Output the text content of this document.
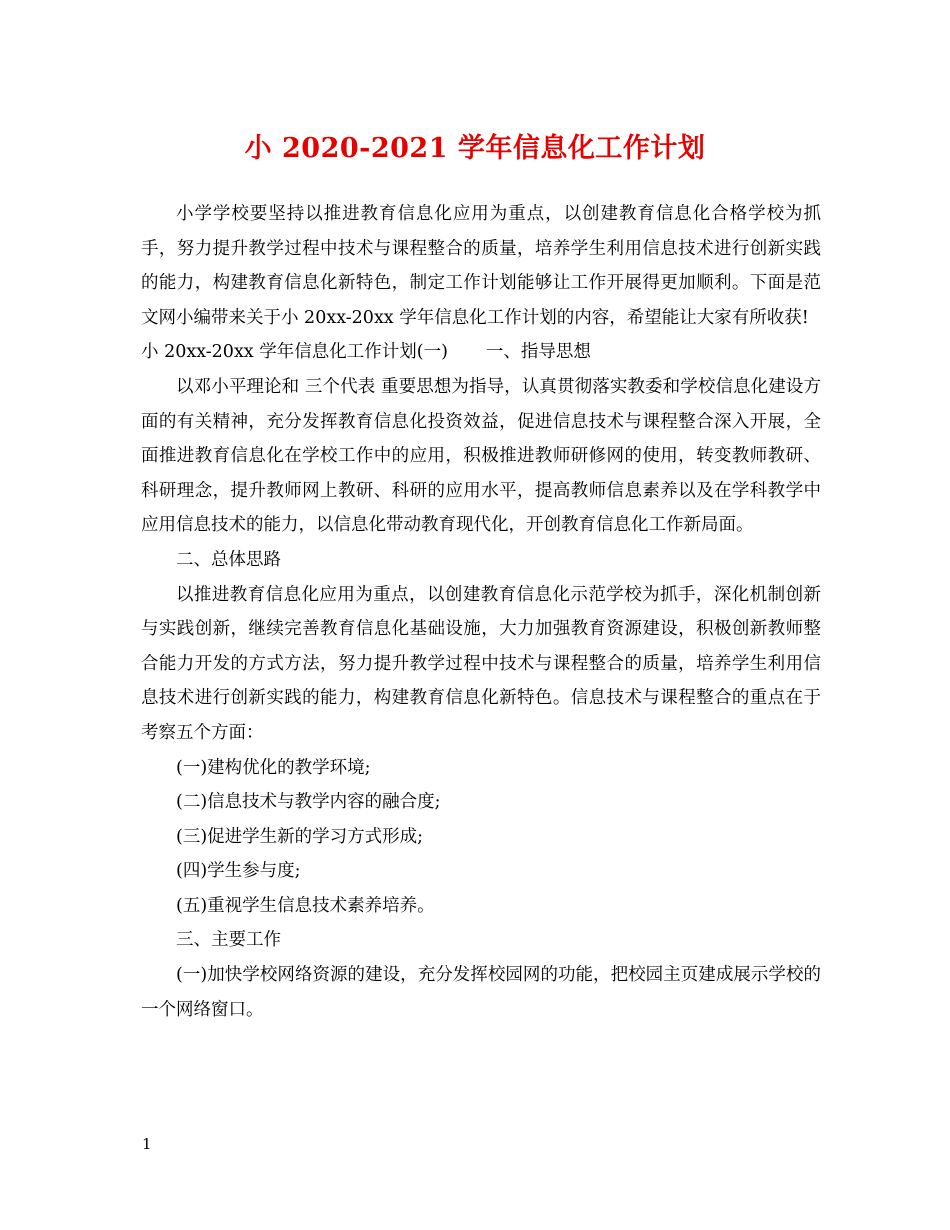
小 2020-2021 学年信息化工作计划

小学学校要坚持以推进教育信息化应用为重点，以创建教育信息化合格学校为抓手，努力提升教学过程中技术与课程整合的质量，培养学生利用信息技术进行创新实践的能力，构建教育信息化新特色，制定工作计划能够让工作开展得更加顺利。下面是范文网小编带来关于小 20xx-20xx 学年信息化工作计划的内容，希望能让大家有所收获!

小 20xx-20xx 学年信息化工作计划(一) 一、指导思想

以邓小平理论和 三个代表 重要思想为指导，认真贯彻落实教委和学校信息化建设方面的有关精神，充分发挥教育信息化投资效益，促进信息技术与课程整合深入开展，全面推进教育信息化在学校工作中的应用，积极推进教师研修网的使用，转变教师教研、科研理念，提升教师网上教研、科研的应用水平，提高教师信息素养以及在学科教学中应用信息技术的能力，以信息化带动教育现代化，开创教育信息化工作新局面。

二、总体思路

以推进教育信息化应用为重点，以创建教育信息化示范学校为抓手，深化机制创新与实践创新，继续完善教育信息化基础设施，大力加强教育资源建设，积极创新教师整合能力开发的方式方法，努力提升教学过程中技术与课程整合的质量，培养学生利用信息技术进行创新实践的能力，构建教育信息化新特色。信息技术与课程整合的重点在于考察五个方面：

(一)建构优化的教学环境;

(二)信息技术与教学内容的融合度;

(三)促进学生新的学习方式形成;

(四)学生参与度;

(五)重视学生信息技术素养培养。

三、主要工作

(一)加快学校网络资源的建设，充分发挥校园网的功能，把校园主页建成展示学校的一个网络窗口。

1
